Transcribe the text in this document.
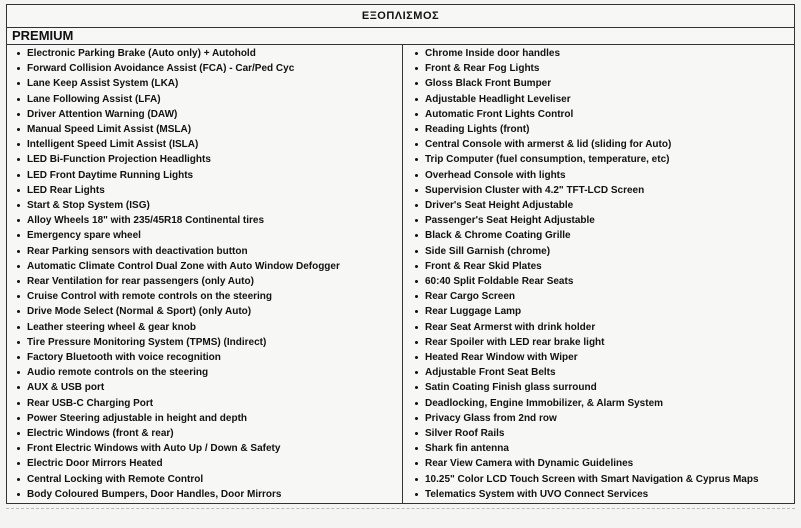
ΕΞΟΠΛΙΣΜΟΣ
PREMIUM
Electronic Parking Brake (Auto only) + Autohold
Forward Collision Avoidance Assist (FCA) - Car/Ped Cyc
Lane Keep Assist System (LKA)
Lane Following Assist (LFA)
Driver Attention Warning (DAW)
Manual Speed Limit Assist (MSLA)
Intelligent Speed Limit Assist (ISLA)
LED Bi-Function Projection Headlights
LED Front Daytime Running Lights
LED Rear Lights
Start & Stop System (ISG)
Alloy Wheels 18" with 235/45R18 Continental tires
Emergency spare wheel
Rear Parking sensors with deactivation button
Automatic Climate Control Dual Zone with Auto Window Defogger
Rear Ventilation for rear passengers (only Auto)
Cruise Control with remote controls on the steering
Drive Mode Select (Normal & Sport) (only Auto)
Leather steering wheel & gear knob
Tire Pressure Monitoring System (TPMS) (Indirect)
Factory Bluetooth with voice recognition
Audio remote controls on the steering
AUX & USB port
Rear USB-C Charging Port
Power Steering adjustable in height and depth
Electric Windows (front & rear)
Front Electric Windows with Auto Up / Down & Safety
Electric Door Mirrors Heated
Central Locking with Remote Control
Body Coloured Bumpers, Door Handles, Door Mirrors
Chrome Inside door handles
Front & Rear Fog Lights
Gloss Black Front Bumper
Adjustable Headlight Leveliser
Automatic Front Lights Control
Reading Lights (front)
Central Console with armerst & lid (sliding for Auto)
Trip Computer (fuel consumption, temperature, etc)
Overhead Console with lights
Supervision Cluster with 4.2" TFT-LCD Screen
Driver's Seat Height Adjustable
Passenger's Seat Height Adjustable
Black & Chrome Coating Grille
Side Sill Garnish (chrome)
Front & Rear Skid Plates
60:40 Split Foldable Rear Seats
Rear Cargo Screen
Rear Luggage Lamp
Rear Seat Armerst with drink holder
Rear Spoiler with LED rear brake light
Heated Rear Window with Wiper
Adjustable Front Seat Belts
Satin Coating Finish glass surround
Deadlocking, Engine Immobilizer, & Alarm System
Privacy Glass from 2nd row
Silver Roof Rails
Shark fin antenna
Rear View Camera with Dynamic Guidelines
10.25" Color LCD Touch Screen with Smart Navigation & Cyprus Maps
Telematics System with UVO Connect Services
